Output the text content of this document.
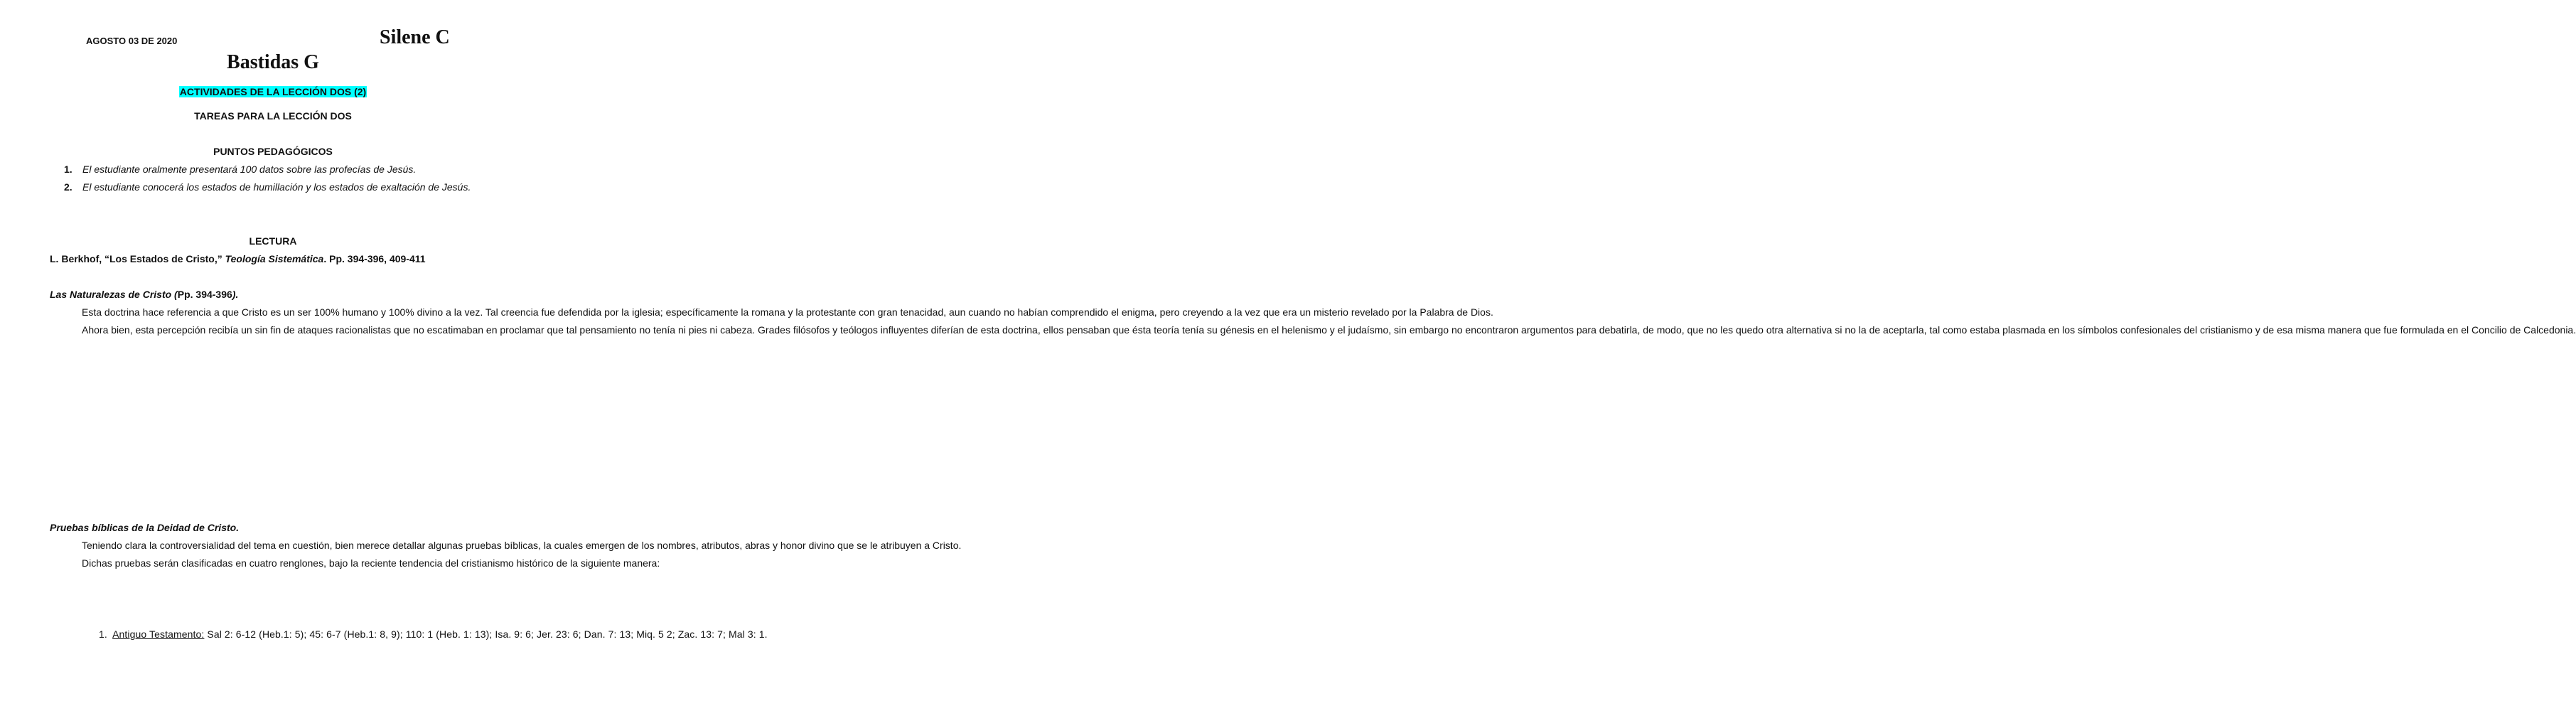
AGOSTO 03 DE 2020	Silene C
Bastidas G
ACTIVIDADES DE LA LECCIÓN DOS (2)
TAREAS PARA LA LECCIÓN DOS
PUNTOS PEDAGÓGICOS
1. El estudiante oralmente presentará 100 datos sobre las profecías de Jesús.
2. El estudiante conocerá los estados de humillación y los estados de exaltación de Jesús.
LECTURA
L. Berkhof, “Los Estados de Cristo,” Teología Sistemática. Pp. 394-396, 409-411
Las Naturalezas de Cristo (Pp. 394-396).

Esta doctrina hace referencia a que Cristo es un ser 100% humano y 100% divino a la vez. Tal creencia fue defendida por la iglesia; específicamente la romana y la protestante con gran tenacidad, aun cuando no habían comprendido el enigma, pero creyendo a la vez que era un misterio revelado por la Palabra de Dios.

Ahora bien, esta percepción recibía un sin fin de ataques racionalistas que no escatimaban en proclamar que tal pensamiento no tenía ni pies ni cabeza. Grades filósofos y teólogos influyentes diferían de esta doctrina, ellos pensaban que ésta teoría tenía su génesis en el helenismo y el judaísmo, sin embargo no encontraron argumentos para debatirla, de modo, que no les quedo otra alternativa si no la de aceptarla, tal como estaba plasmada en los símbolos confesionales del cristianismo y de esa misma manera que fue formulada en el Concilio de Calcedonia.

Pruebas bíblicas de la Deidad de Cristo.

Teniendo clara la controversialidad del tema en cuestión, bien merece detallar algunas pruebas bíblicas, la cuales emergen de los nombres, atributos, abras y honor divino que se le atribuyen a Cristo.

Dichas pruebas serán clasificadas en cuatro renglones, bajo la reciente tendencia del cristianismo histórico de la siguiente manera:

1. Antiguo Testamento: Sal 2: 6-12 (Heb.1: 5); 45: 6-7 (Heb.1: 8, 9); 110: 1 (Heb. 1: 13); Isa. 9: 6; Jer. 23: 6; Dan. 7: 13; Miq. 5 2; Zac. 13: 7; Mal 3: 1.
